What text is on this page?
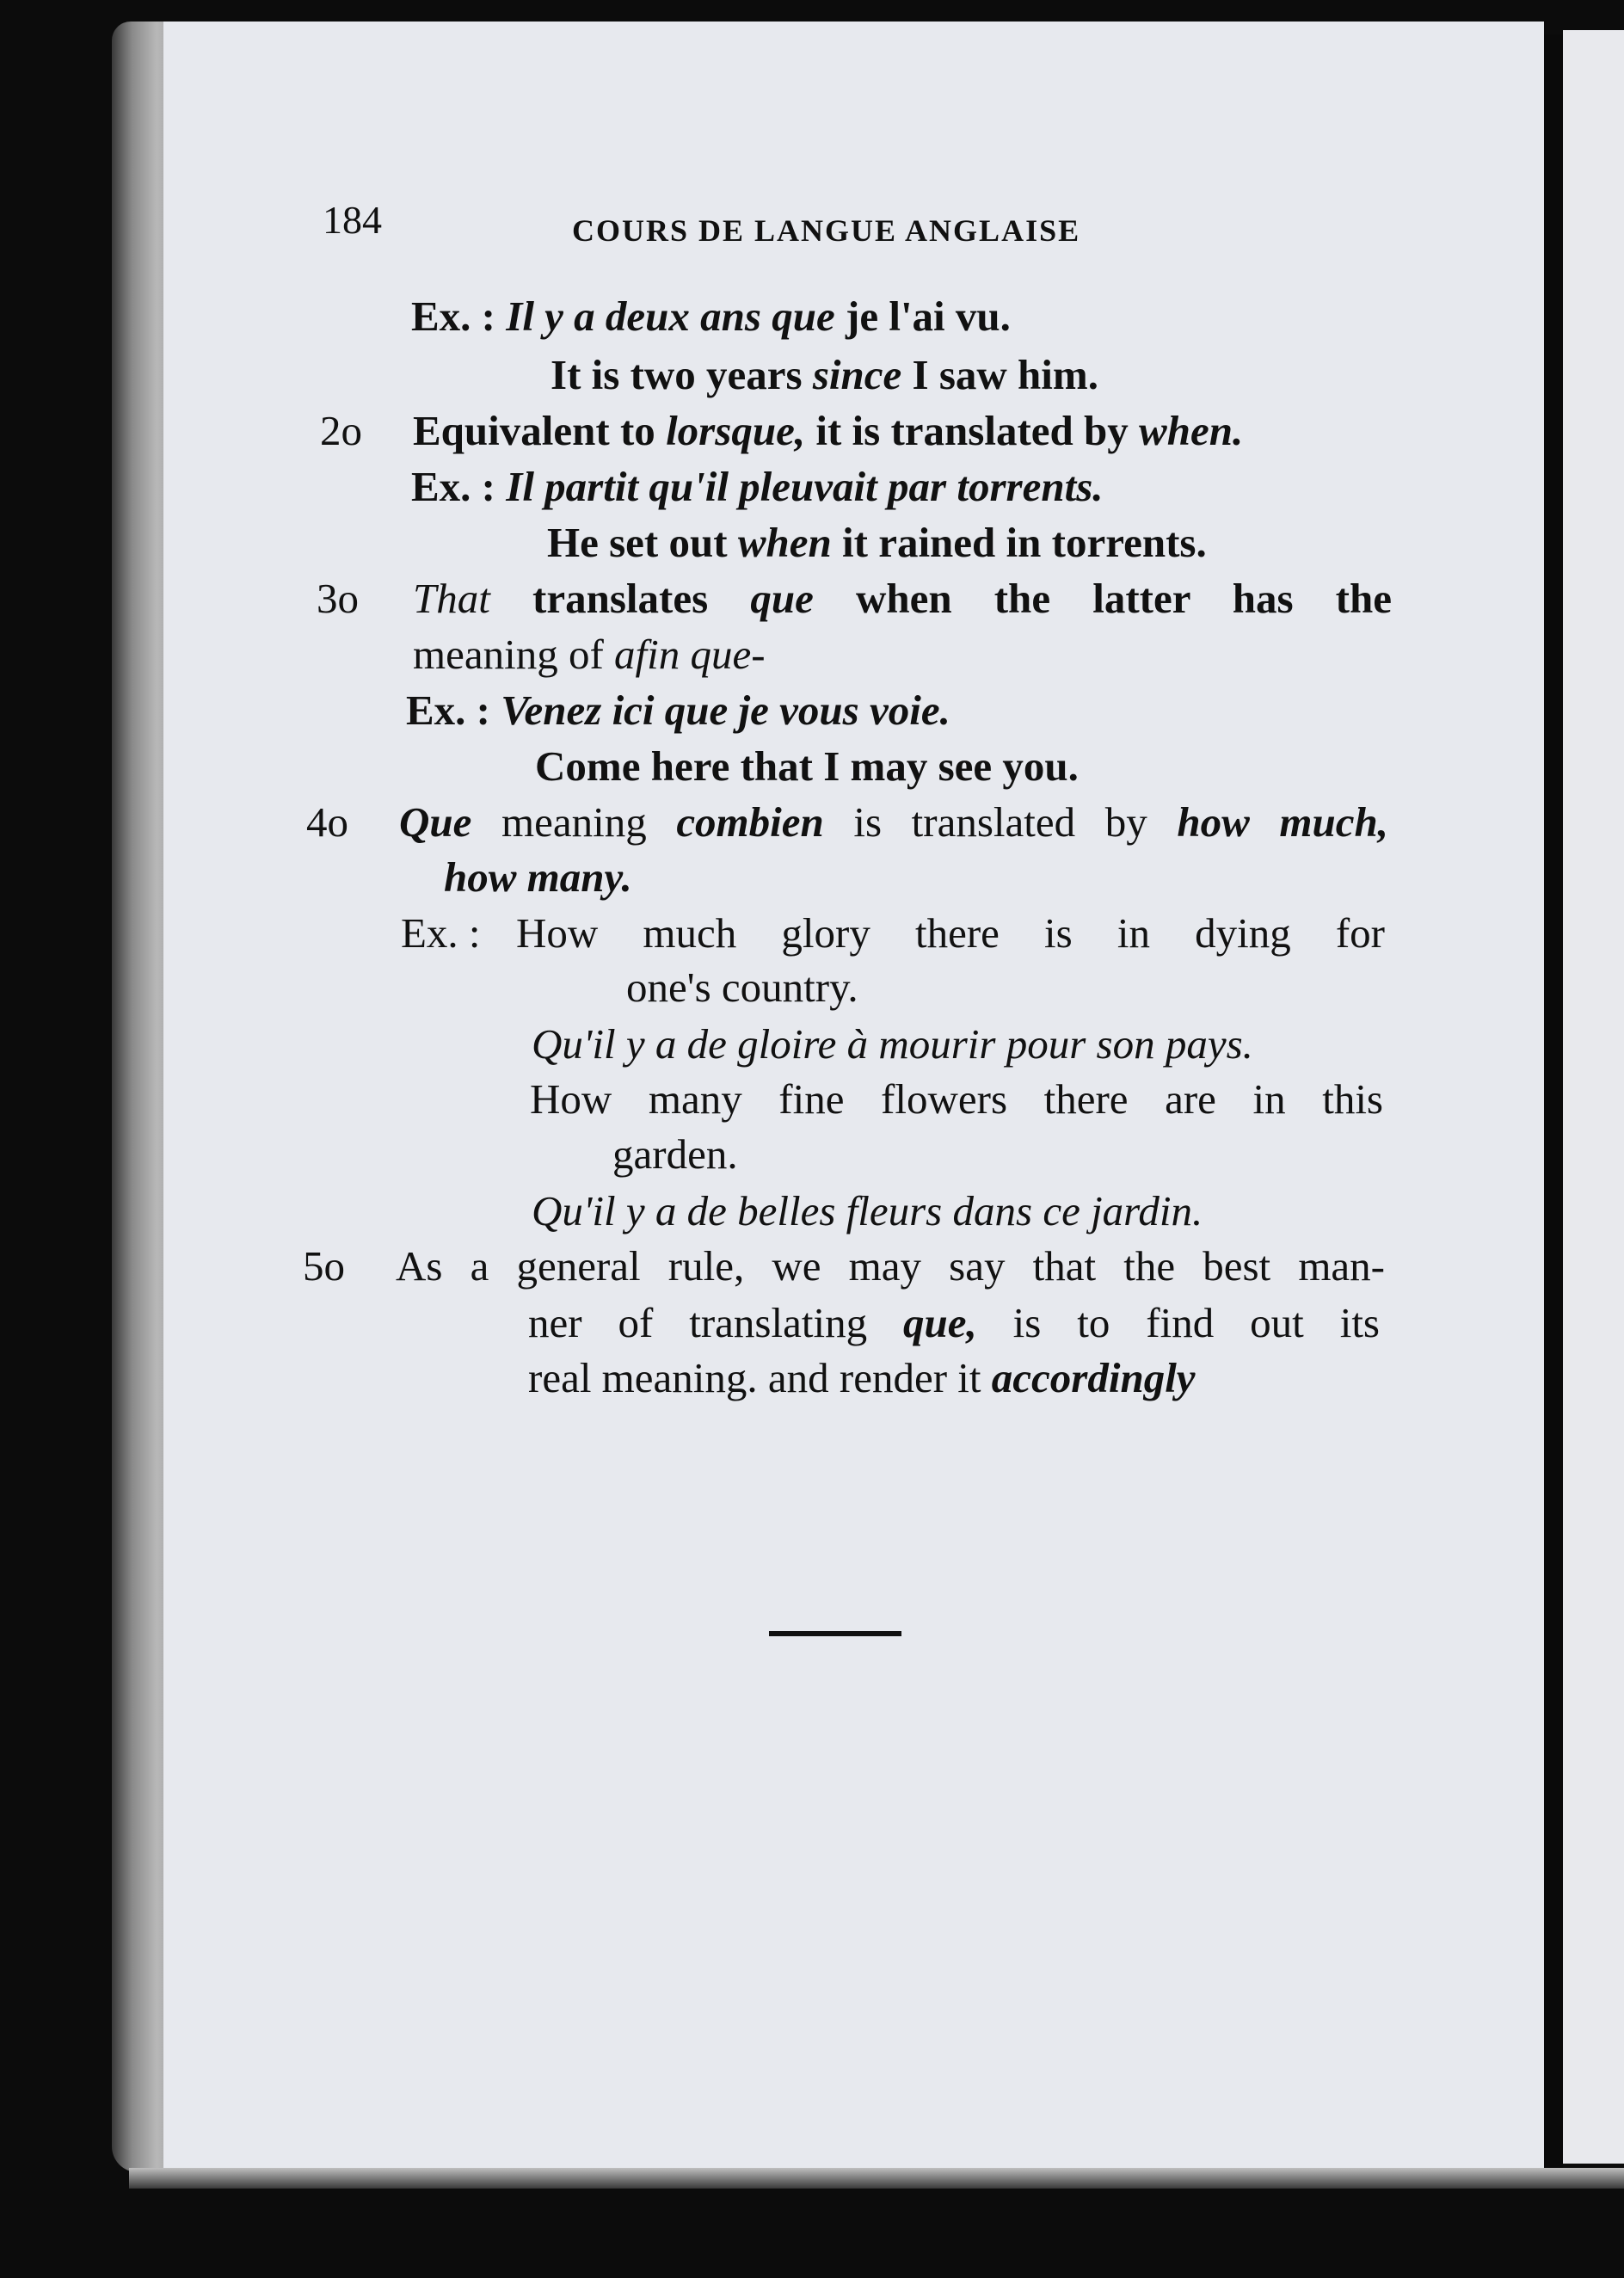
184	COURS DE LANGUE ANGLAISE
Ex. : Il y a deux ans que je l'ai vu.
It is two years since I saw him.
2o Equivalent to lorsque, it is translated by when.
Ex. : Il partit qu'il pleuvait par torrents.
He set out when it rained in torrents.
3o That translates que when the latter has the
meaning of afin que-
Ex. : Venez ici que je vous voie.
Come here that I may see you.
4o Que meaning combien is translated by how much,
how many.
Ex. : How much glory there is in dying for
one's country.
Qu'il y a de gloire à mourir pour son pays.
How many fine flowers there are in this
garden.
Qu'il y a de belles fleurs dans ce jardin.
5o As a general rule, we may say that the best man-
ner of translating que, is to find out its
real meaning. and render it accordingly
